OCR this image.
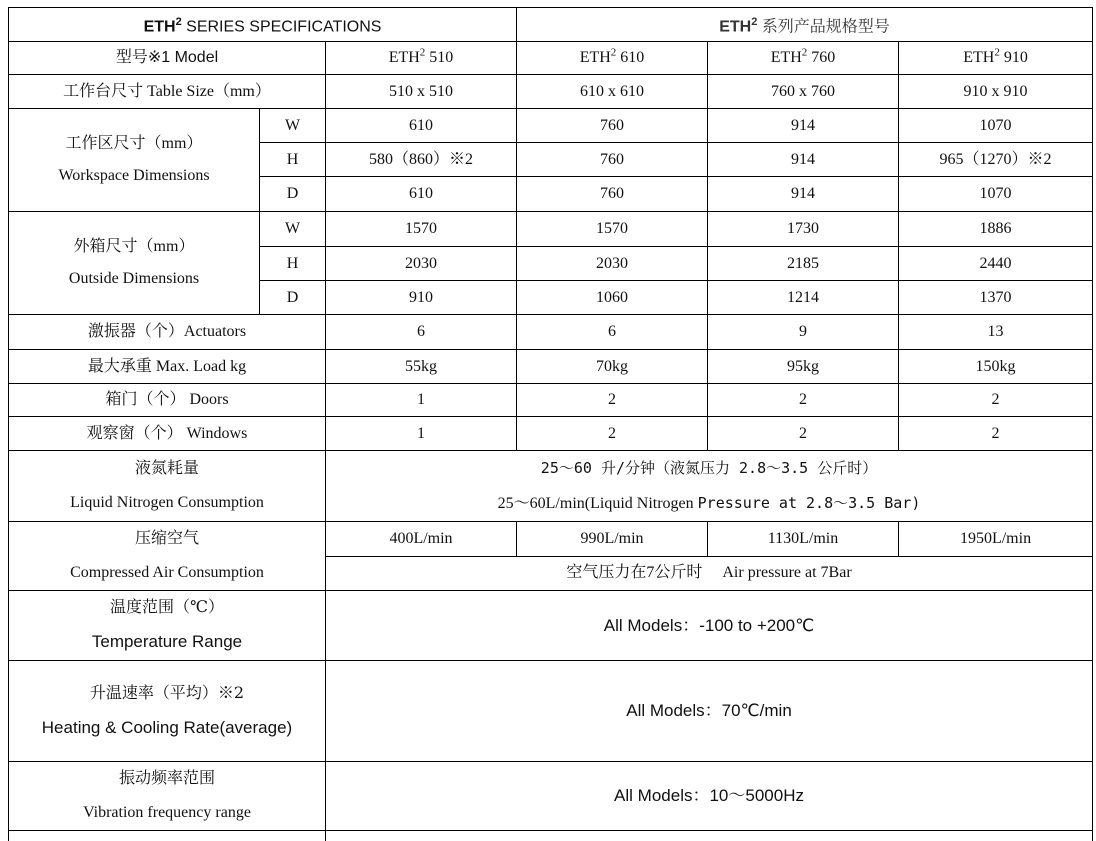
ETH$^2$ SERIES SPECIFICATIONS			ETH$^2$ 系列产品规格型号		
型号※1 Model		ETH$^2$ 510	ETH$^2$ 610	ETH$^2$ 760	ETH$^2$ 910
工作台尺寸 Table Size（mm）		510 x 510	610 x 610	760 x 760	910 x 910
工作区尺寸（mm）
Workspace Dimensions	W	610	760	914	1070
	H	580（860）※2	760	914	965（1270）※2
	D	610	760	914	1070
外箱尺寸（mm）
Outside Dimensions	W	1570	1570	1730	1886
	H	2030	2030	2185	2440
	D	910	1060	1214	1370
激振器（个）Actuators		6	6	9	13
最大承重 Max. Load kg		55kg	70kg	95kg	150kg
箱门（个） Doors		1	2	2	2
观察窗（个） Windows		1	2	2	2
液氮耗量
Liquid Nitrogen Consumption		25～60 升/分钟（液氮压力 2.8～3.5 公斤时）
25～60L/min(Liquid Nitrogen Pressure at 2.8～3.5 Bar)			
压缩空气
Compressed Air Consumption		400L/min	990L/min	1130L/min	1950L/min
		空气压力在7公斤时　 Air pressure at 7Bar			
温度范围（℃）
Temperature Range		All Models：-100 to +200℃			
升温速率（平均）※2
Heating & Cooling Rate(average)		All Models：70℃/min			
振动频率范围
Vibration frequency range		All Models：10～5000Hz			
